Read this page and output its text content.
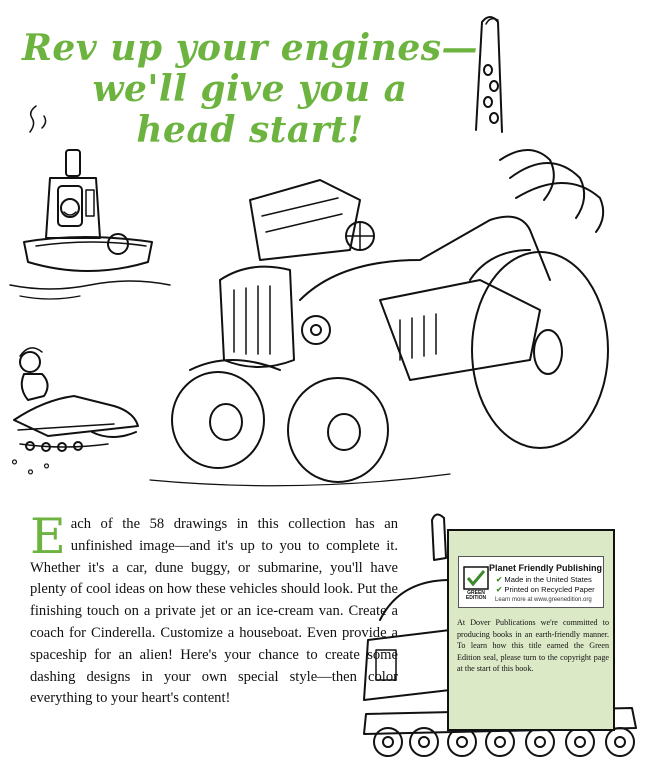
Rev up your engines—
we'll give you a
head start!
Each of the 58 drawings in this collection has an unfinished image—and it's up to you to complete it. Whether it's a car, dune buggy, or submarine, you'll have plenty of cool ideas on how these vehicles should look. Put the finishing touch on a private jet or an ice-cream van. Create a coach for Cinderella. Customize a houseboat. Even provide a spaceship for an alien! Here's your chance to create some dashing designs in your own special style—then color everything to your heart's content!
GREEN
EDITION
Planet Friendly Publishing
✔ Made in the United States
✔ Printed on Recycled Paper
Learn more at www.greenedition.org
At Dover Publications we're committed to producing books in an earth-friendly manner. To learn how this title earned the Green Edition seal, please turn to the copyright page at the start of this book.
